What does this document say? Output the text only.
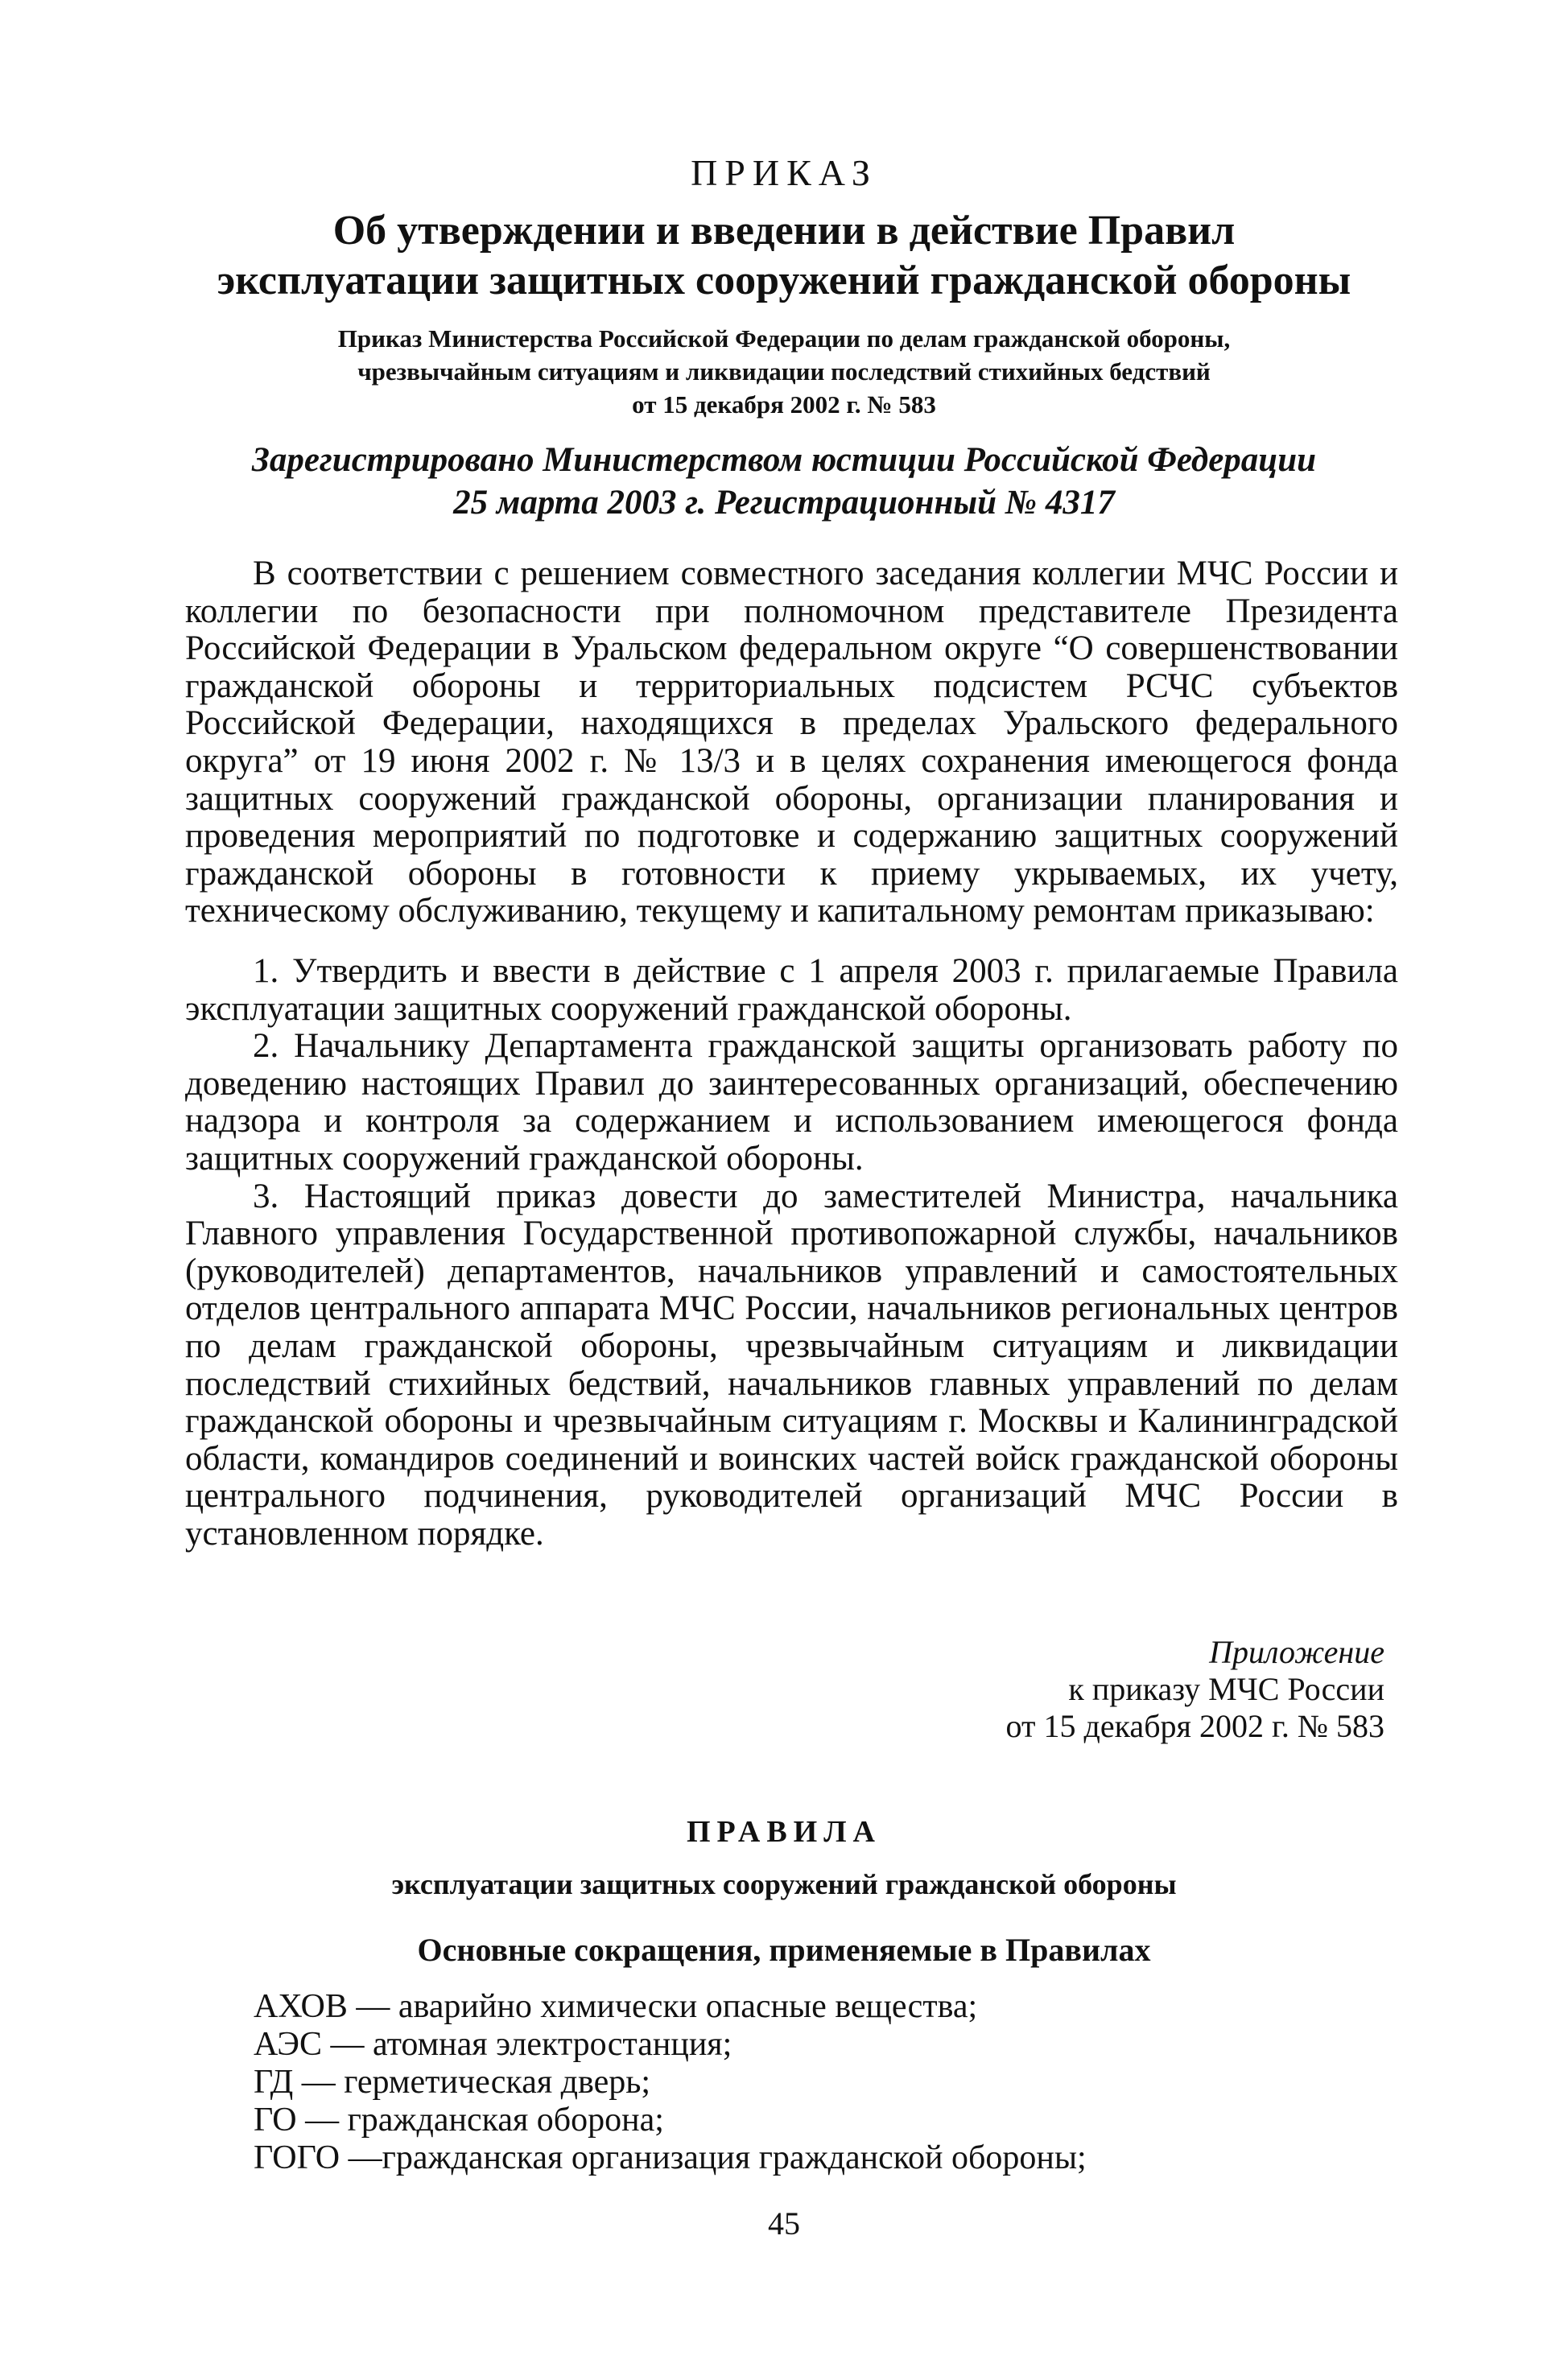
ПРИКАЗ
Об утверждении и введении в действие Правил
эксплуатации защитных сооружений гражданской обороны
Приказ Министерства Российской Федерации по делам гражданской обороны,
чрезвычайным ситуациям и ликвидации последствий стихийных бедствий
от 15 декабря 2002 г. № 583
Зарегистрировано Министерством юстиции Российской Федерации
25 марта 2003 г. Регистрационный № 4317

В соответствии с решением совместного заседания коллегии МЧС России и коллегии по безопасности при полномочном представителе Президента Российской Федерации в Уральском федеральном округе “О совершенствовании гражданской обороны и территориальных подсистем РСЧС субъектов Российской Федерации, находящихся в пределах Уральского федерального округа” от 19 июня 2002 г. № 13/3 и в целях сохранения имеющегося фонда защитных сооружений гражданской обороны, организации планирования и проведения мероприятий по подготовке и содержанию защитных сооружений гражданской обороны в готовности к приему укрываемых, их учету, техническому обслуживанию, текущему и капитальному ремонтам приказываю:

1. Утвердить и ввести в действие с 1 апреля 2003 г. прилагаемые Правила эксплуатации защитных сооружений гражданской обороны.

2. Начальнику Департамента гражданской защиты организовать работу по доведению настоящих Правил до заинтересованных организаций, обеспечению надзора и контроля за содержанием и использованием имеющегося фонда защитных сооружений гражданской обороны.

3. Настоящий приказ довести до заместителей Министра, начальника Главного управления Государственной противопожарной службы, начальников (руководителей) департаментов, начальников управлений и самостоятельных отделов центрального аппарата МЧС России, начальников региональных центров по делам гражданской обороны, чрезвычайным ситуациям и ликвидации последствий стихийных бедствий, начальников главных управлений по делам гражданской обороны и чрезвычайным ситуациям г. Москвы и Калининградской области, командиров соединений и воинских частей войск гражданской обороны центрального подчинения, руководителей организаций МЧС России в установленном порядке.

Приложение
к приказу МЧС России
от 15 декабря 2002 г. № 583
ПРАВИЛА
эксплуатации защитных сооружений гражданской обороны
Основные сокращения, применяемые в Правилах
АХОВ — аварийно химически опасные вещества;
АЭС — атомная электростанция;
ГД — герметическая дверь;
ГО — гражданская оборона;
ГОГО —гражданская организация гражданской обороны;
45
